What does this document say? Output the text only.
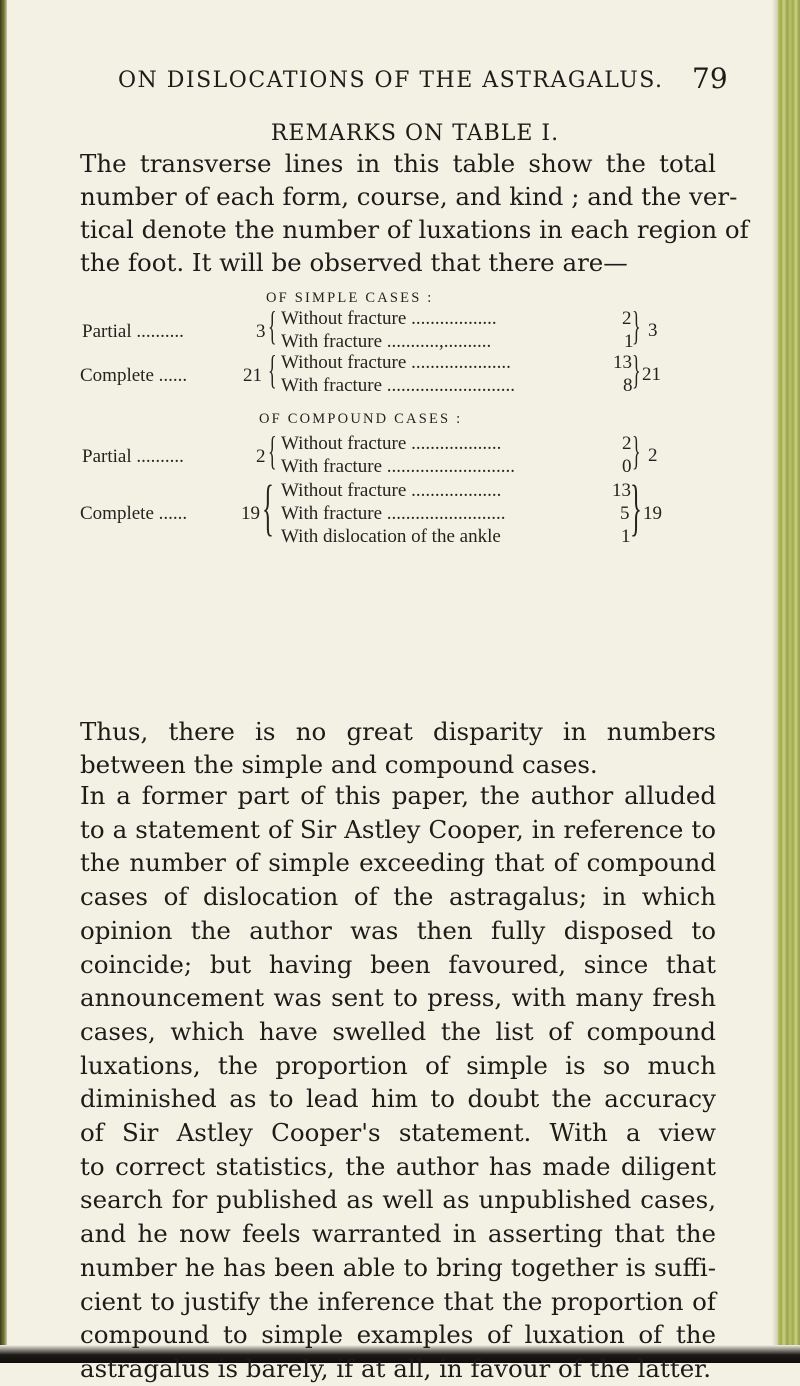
ON DISLOCATIONS OF THE ASTRAGALUS. 79
REMARKS ON TABLE I.
The transverse lines in this table show the total
number of each form, course, and kind ; and the ver-
tical denote the number of luxations in each region of
the foot. It will be observed that there are—
OF SIMPLE CASES :
Partial ..........	3 { Without fracture ..................	2
With fracture ...........,..........	1
} 3
Complete ......	21 { Without fracture .....................	13
With fracture ...........................	8 } 21
OF COMPOUND CASES :
Partial ..........	2 { Without fracture ...................	2
With fracture ...........................	0 } 2
Complete ......	19 { Without fracture ...................	13
With fracture .........................	5
With dislocation of the ankle	1 } 19
Thus, there is no great disparity in numbers
between the simple and compound cases.
In a former part of this paper, the author alluded
to a statement of Sir Astley Cooper, in reference to
the number of simple exceeding that of compound
cases of dislocation of the astragalus; in which
opinion the author was then fully disposed to
coincide; but having been favoured, since that
announcement was sent to press, with many fresh
cases, which have swelled the list of compound
luxations, the proportion of simple is so much
diminished as to lead him to doubt the accuracy
of Sir Astley Cooper's statement. With a view
to correct statistics, the author has made diligent
search for published as well as unpublished cases,
and he now feels warranted in asserting that the
number he has been able to bring together is suffi-
cient to justify the inference that the proportion of
compound to simple examples of luxation of the
astragalus is barely, if at all, in favour of the latter.
